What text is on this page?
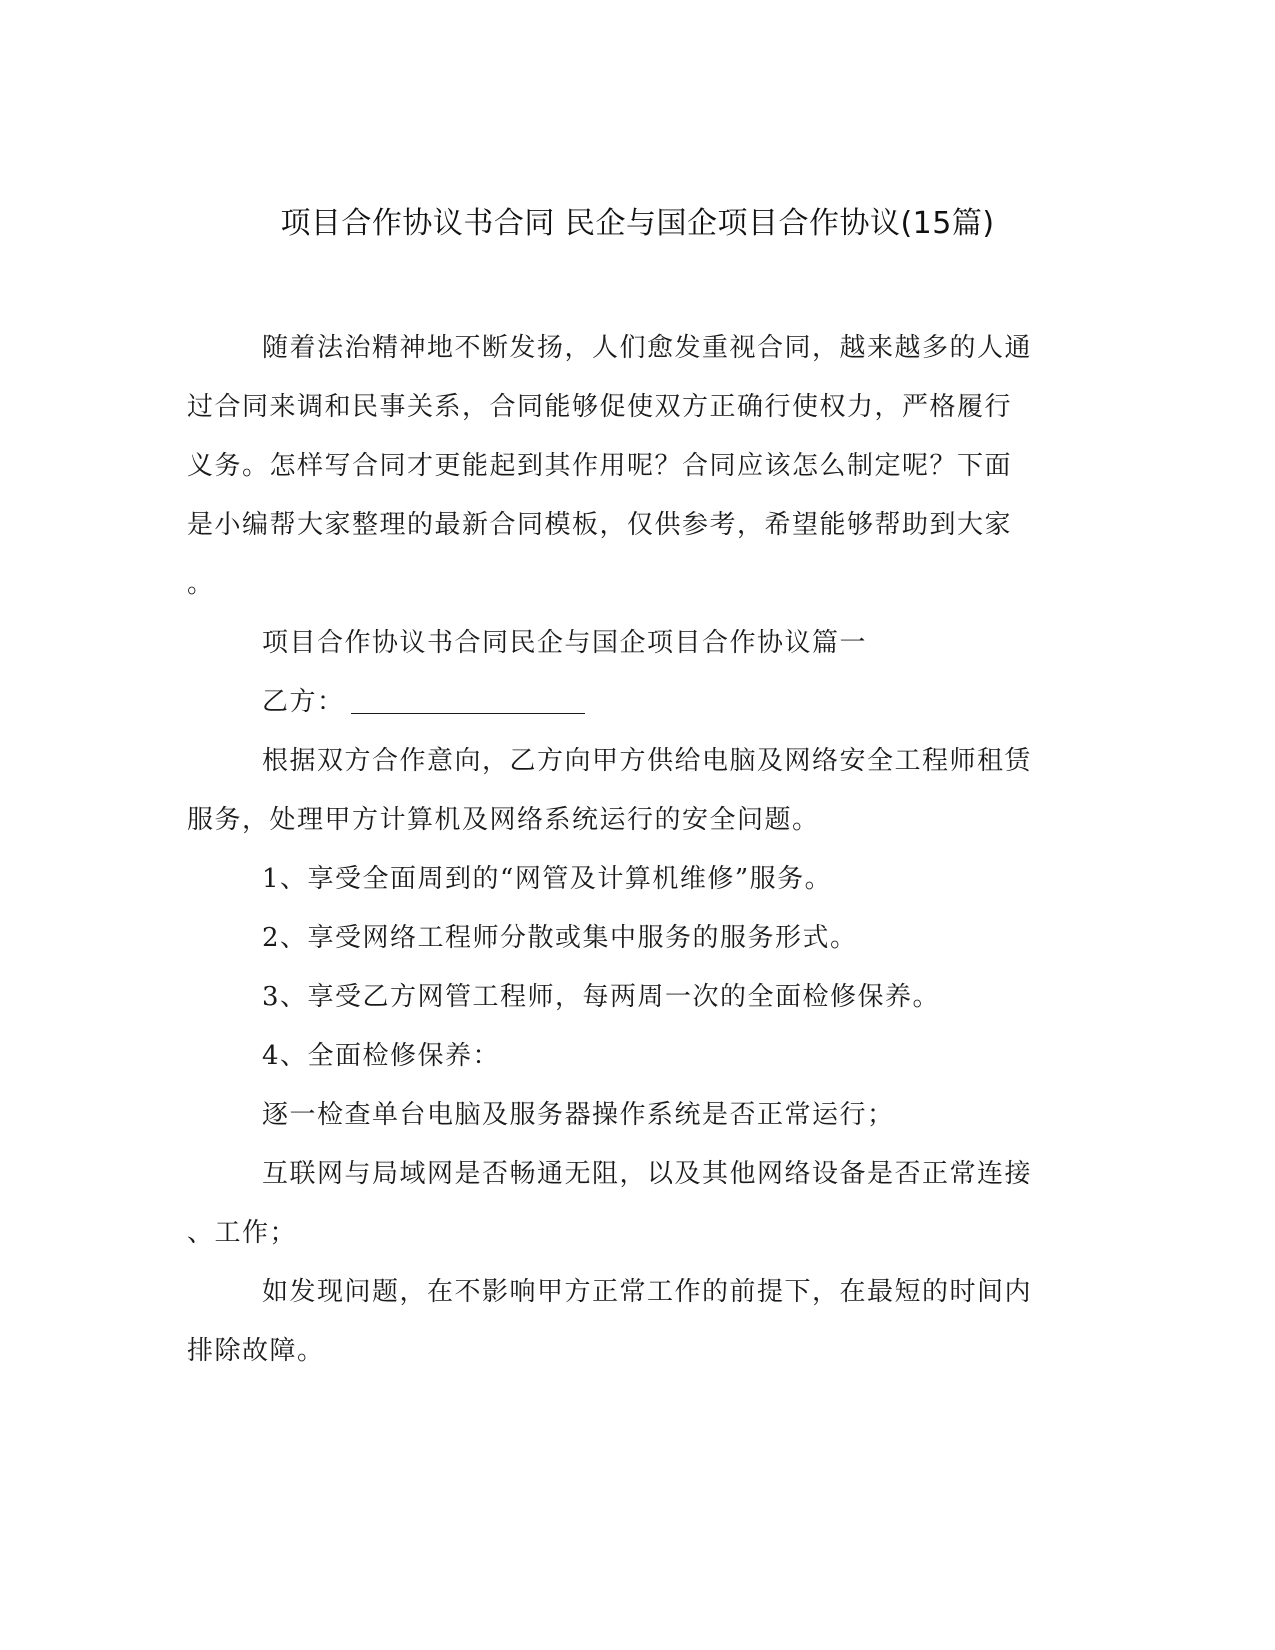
项目合作协议书合同 民企与国企项目合作协议(15篇)
随着法治精神地不断发扬，人们愈发重视合同，越来越多的人通
过合同来调和民事关系，合同能够促使双方正确行使权力，严格履行
义务。怎样写合同才更能起到其作用呢？合同应该怎么制定呢？下面
是小编帮大家整理的最新合同模板，仅供参考，希望能够帮助到大家
。
项目合作协议书合同民企与国企项目合作协议篇一
乙方：
根据双方合作意向，乙方向甲方供给电脑及网络安全工程师租赁
服务，处理甲方计算机及网络系统运行的安全问题。
1、享受全面周到的“网管及计算机维修”服务。
2、享受网络工程师分散或集中服务的服务形式。
3、享受乙方网管工程师，每两周一次的全面检修保养。
4、全面检修保养：
逐一检查单台电脑及服务器操作系统是否正常运行；
互联网与局域网是否畅通无阻，以及其他网络设备是否正常连接
、工作；
如发现问题，在不影响甲方正常工作的前提下，在最短的时间内
排除故障。
